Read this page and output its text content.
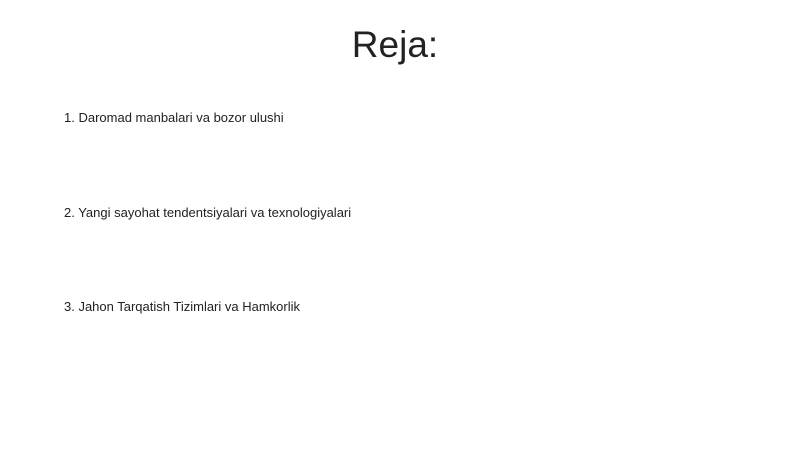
Reja:
1. Daromad manbalari va bozor ulushi
2. Yangi sayohat tendentsiyalari va texnologiyalari
3. Jahon Tarqatish Tizimlari va Hamkorlik
